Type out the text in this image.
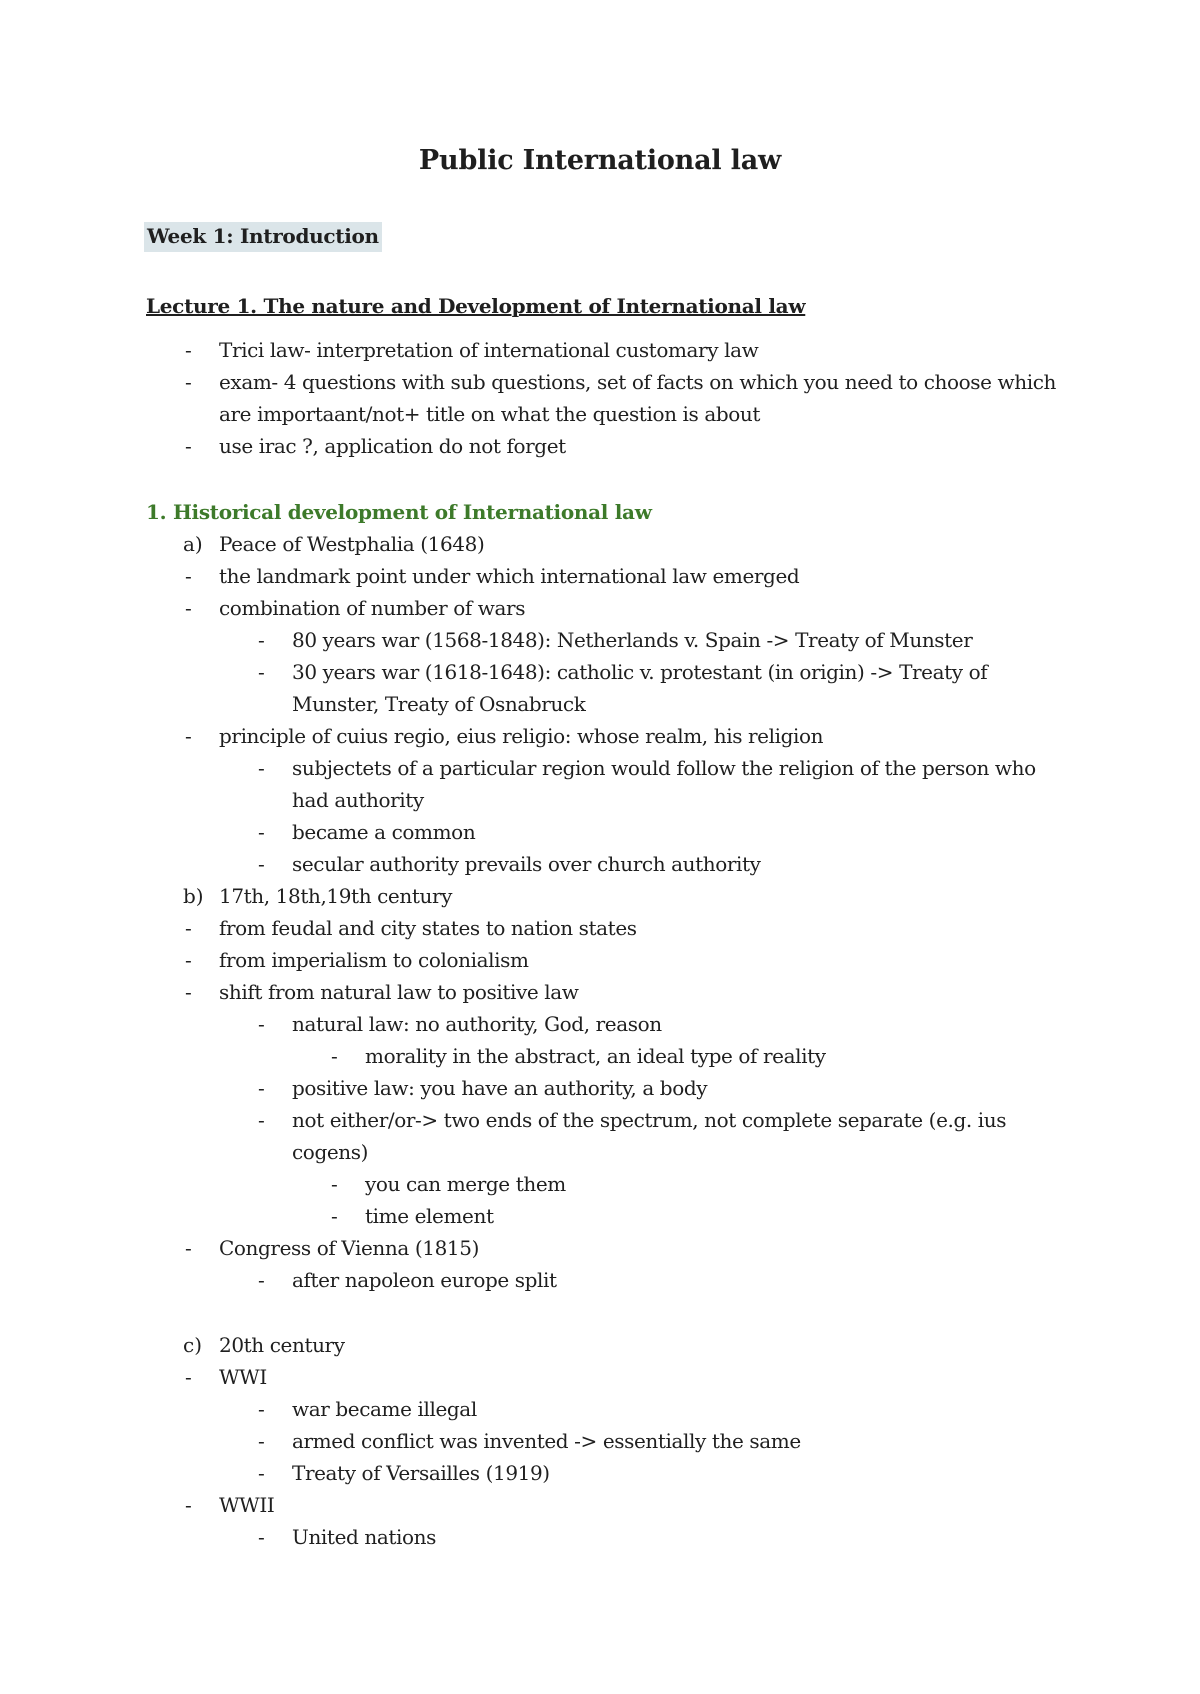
Public International law
Week 1: Introduction
Lecture 1. The nature and Development of International law
- Trici law- interpretation of international customary law
- exam- 4 questions with sub questions, set of facts on which you need to choose which
are importaant/not+ title on what the question is about
- use irac ?, application do not forget
1. Historical development of International law
a) Peace of Westphalia (1648)
- the landmark point under which international law emerged
- combination of number of wars
- 80 years war (1568-1848): Netherlands v. Spain -> Treaty of Munster
- 30 years war (1618-1648): catholic v. protestant (in origin) -> Treaty of
Munster, Treaty of Osnabruck
- principle of cuius regio, eius religio: whose realm, his religion
- subjectets of a particular region would follow the religion of the person who
had authority
- became a common
- secular authority prevails over church authority
b) 17th, 18th,19th century
- from feudal and city states to nation states
- from imperialism to colonialism
- shift from natural law to positive law
- natural law: no authority, God, reason
- morality in the abstract, an ideal type of reality
- positive law: you have an authority, a body
- not either/or-> two ends of the spectrum, not complete separate (e.g. ius
cogens)
- you can merge them
- time element
- Congress of Vienna (1815)
- after napoleon europe split
c) 20th century
- WWI
- war became illegal
- armed conflict was invented -> essentially the same
- Treaty of Versailles (1919)
- WWII
- United nations
